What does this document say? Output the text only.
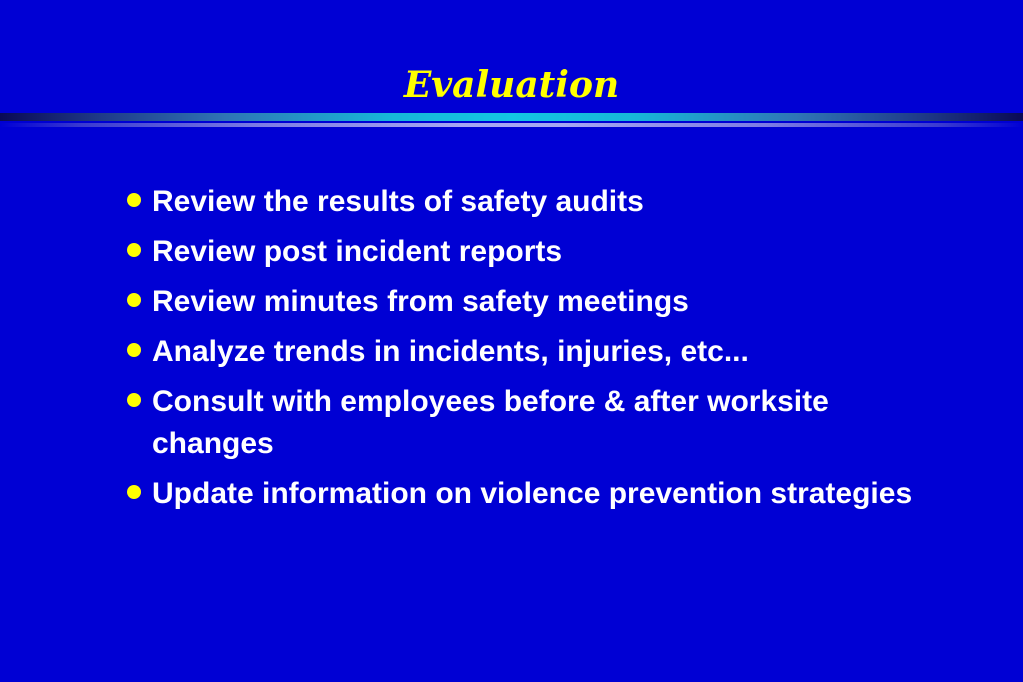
Evaluation
Review the results of safety audits
Review post incident reports
Review minutes from safety meetings
Analyze trends in incidents, injuries, etc...
Consult with employees before & after worksite changes
Update information on violence prevention strategies
